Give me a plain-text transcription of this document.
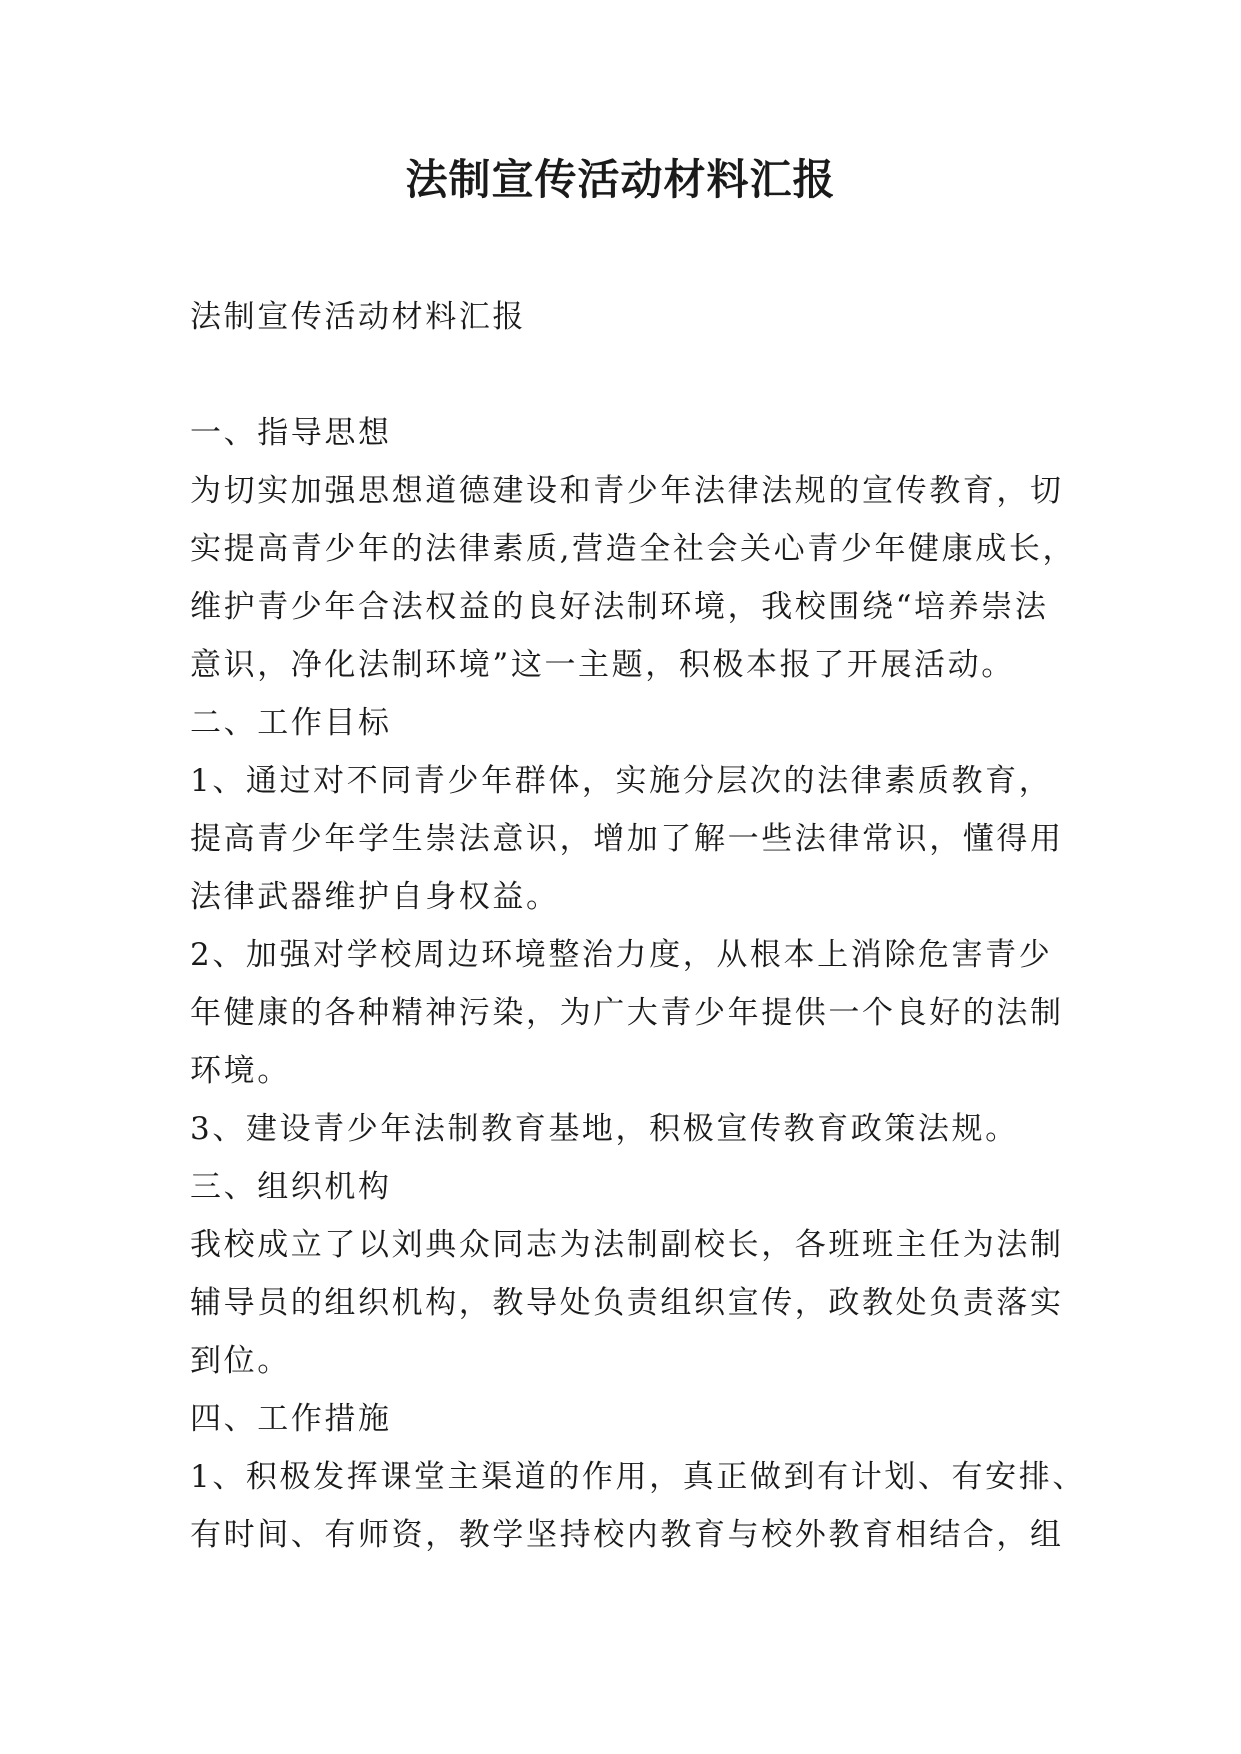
法制宣传活动材料汇报
法制宣传活动材料汇报
一、指导思想
为切实加强思想道德建设和青少年法律法规的宣传教育，切
实提高青少年的法律素质,营造全社会关心青少年健康成长，
维护青少年合法权益的良好法制环境，我校围绕“培养崇法
意识，净化法制环境”这一主题，积极本报了开展活动。
二、工作目标
1、通过对不同青少年群体，实施分层次的法律素质教育，
提高青少年学生崇法意识，增加了解一些法律常识，懂得用
法律武器维护自身权益。
2、加强对学校周边环境整治力度，从根本上消除危害青少
年健康的各种精神污染，为广大青少年提供一个良好的法制
环境。
3、建设青少年法制教育基地，积极宣传教育政策法规。
三、组织机构
我校成立了以刘典众同志为法制副校长，各班班主任为法制
辅导员的组织机构，教导处负责组织宣传，政教处负责落实
到位。
四、工作措施
1、积极发挥课堂主渠道的作用，真正做到有计划、有安排、
有时间、有师资，教学坚持校内教育与校外教育相结合，组
